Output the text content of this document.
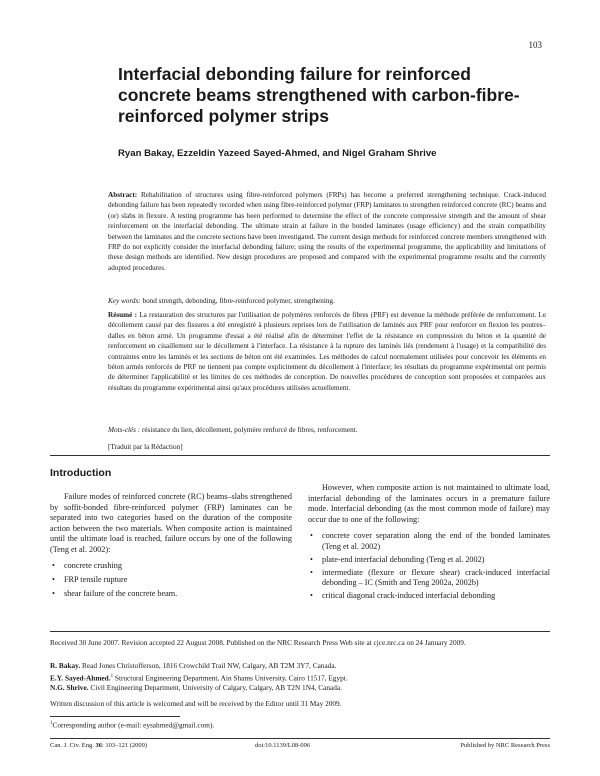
103
Interfacial debonding failure for reinforced concrete beams strengthened with carbon-fibre-reinforced polymer strips
Ryan Bakay, Ezzeldin Yazeed Sayed-Ahmed, and Nigel Graham Shrive
Abstract: Rehabilitation of structures using fibre-reinforced polymers (FRPs) has become a preferred strengthening technique. Crack-induced debonding failure has been repeatedly recorded when using fibre-reinforced polymer (FRP) laminates to strengthen reinforced concrete (RC) beams and (or) slabs in flexure. A testing programme has been performed to determine the effect of the concrete compressive strength and the amount of shear reinforcement on the interfacial debonding. The ultimate strain at failure in the bonded laminates (usage efficiency) and the strain compatibility between the laminates and the concrete sections have been investigated. The current design methods for reinforced concrete members strengthened with FRP do not explicitly consider the interfacial debonding failure; using the results of the experimental programme, the applicability and limitations of these design methods are identified. New design procedures are proposed and compared with the experimental programme results and the currently adopted procedures.
Key words: bond strength, debonding, fibre-reinforced polymer, strengthening.
Résumé : La restauration des structures par l'utilisation de polymères renforcés de fibres (PRF) est devenue la méthode préférée de renforcement. Le décollement causé par des fissures a été enregistré à plusieurs reprises lors de l'utilisation de laminés aux PRF pour renforcer en flexion les poutres–dalles en béton armé. Un programme d'essai a été réalisé afin de déterminer l'effet de la résistance en compression du béton et la quantité de renforcement en cisaillement sur le décollement à l'interface. La résistance à la rupture des laminés liés (rendement à l'usage) et la compatibilité des contraintes entre les laminés et les sections de béton ont été examinées. Les méthodes de calcul normalement utilisées pour concevoir les éléments en béton armés renforcés de PRF ne tiennent pas compte explicitement du décollement à l'interface; les résultats du programme expérimental ont permis de déterminer l'applicabilité et les limites de ces méthodes de conception. De nouvelles procédures de conception sont proposées et comparées aux résultats du programme expérimental ainsi qu'aux procédures utilisées actuellement.
Mots-clés : résistance du lien, décollement, polymère renforcé de fibres, renforcement.
[Traduit par la Rédaction]
Introduction

Failure modes of reinforced concrete (RC) beams–slabs strengthened by soffit-bonded fibre-reinforced polymer (FRP) laminates can be separated into two categories based on the duration of the composite action between the two materials. When composite action is maintained until the ultimate load is reached, failure occurs by one of the following (Teng et al. 2002):

• concrete crushing
• FRP tensile rupture
• shear failure of the concrete beam.

However, when composite action is not maintained to ultimate load, interfacial debonding of the laminates occurs in a premature failure mode. Interfacial debonding (as the most common mode of failure) may occur due to one of the following:

• concrete cover separation along the end of the bonded laminates (Teng et al. 2002)
• plate-end interfacial debonding (Teng et al. 2002)
• intermediate (flexure or flexure shear) crack-induced interfacial debonding – IC (Smith and Teng 2002a, 2002b)
• critical diagonal crack-induced interfacial debonding
Received 30 June 2007. Revision accepted 22 August 2008. Published on the NRC Research Press Web site at cjce.nrc.ca on 24 January 2009.
R. Bakay. Read Jones Christofferson, 1816 Crowchild Trail NW, Calgary, AB T2M 3Y7, Canada.
E.Y. Sayed-Ahmed.$^1$ Structural Engineering Department, Ain Shams University, Cairo 11517, Egypt.
N.G. Shrive. Civil Engineering Department, University of Calgary, Calgary, AB T2N 1N4, Canada.
Written discussion of this article is welcomed and will be received by the Editor until 31 May 2009.
$^1$Corresponding author (e-mail: eysahmed@gmail.com).
Can. J. Civ. Eng. 36: 103–121 (2009)	doi:10.1139/L08-096	Published by NRC Research Press
